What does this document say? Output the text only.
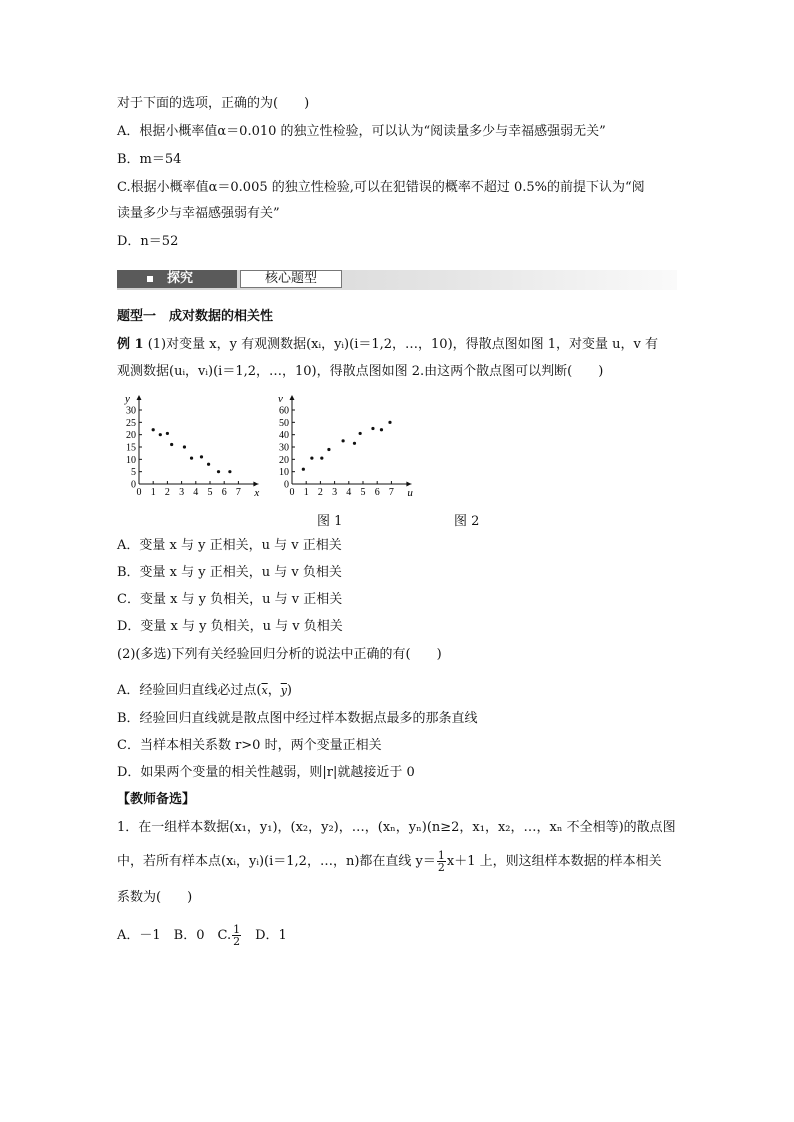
对于下面的选项，正确的为(　　)
A．根据小概率值α＝0.010 的独立性检验，可以认为“阅读量多少与幸福感强弱无关”
B．m＝54
C.根据小概率值α＝0.005 的独立性检验,可以在犯错误的概率不超过 0.5%的前提下认为“阅
读量多少与幸福感强弱有关”
D．n＝52
探究	核心题型
题型一　成对数据的相关性
例 1 (1)对变量 x，y 有观测数据(xᵢ，yᵢ)(i＝1,2，…，10)，得散点图如图 1，对变量 u，v 有
观测数据(uᵢ，vᵢ)(i＝1,2，…，10)，得散点图如图 2.由这两个散点图可以判断(　　)
0
5
10
15
20
25
30
0 1 2 3 4 5 6 7 x
y
图 1
0
10
20
30
40
50
60
0 1 2 3 4 5 6 7 u
v
图 2
A．变量 x 与 y 正相关，u 与 v 正相关
B．变量 x 与 y 正相关，u 与 v 负相关
C．变量 x 与 y 负相关，u 与 v 正相关
D．变量 x 与 y 负相关，u 与 v 负相关
(2)(多选)下列有关经验回归分析的说法中正确的有(　　)
A．经验回归直线必过点($\overline{x}$，$\overline{y}$)
B．经验回归直线就是散点图中经过样本数据点最多的那条直线
C．当样本相关系数 r>0 时，两个变量正相关
D．如果两个变量的相关性越弱，则|r|就越接近于 0
【教师备选】
1．在一组样本数据(x₁，y₁)，(x₂，y₂)，…，(xₙ，yₙ)(n≥2，x₁，x₂，…，xₙ 不全相等)的散点图
中，若所有样本点(xᵢ，yᵢ)(i＝1,2，…，n)都在直线 $y= \frac{1}{2} x+1$ 上，则这组样本数据的样本相关
系数为(　　)
A．－1　B．0　C. $\frac{1}{2}$ 　D．1
